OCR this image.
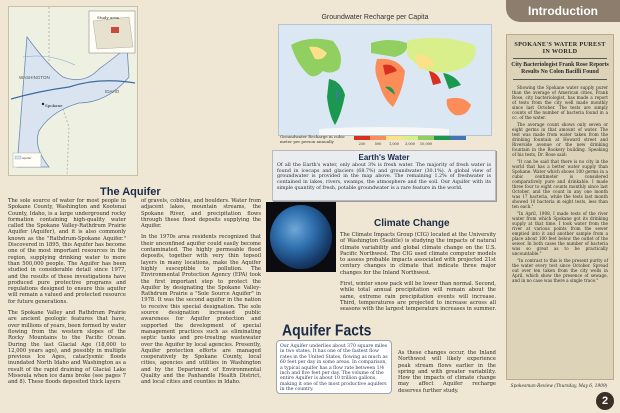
Study area
WASHINGTON
IDAHO
Spokane
Aquifer
The Aquifer

The sole source of water for most people in Spokane County, Washington and Kootenai County, Idaho, is a large underground rocky formation containing high-quality water called the Spokane Valley-Rathdrum Prairie Aquifer (Aquifer), and it is also commonly known as the "Rathdrum-Spokane Aquifer." Discovered in 1895, this Aquifer has become one of the most important resources in the region, supplying drinking water to more than 500,000 people. The Aquifer has been studied in considerable detail since 1977, and the results of these investigations have produced pure protective programs and regulations designed to ensure this aquifer will remain a valued and protected resource for future generations.

The Spokane Valley and Rathdrum Prairie are ancient geologic features that have, over millions of years, been formed by water flowing from the western slopes of the Rocky Mountains to the Pacific Ocean. During the last Glacial Age (18,000 to 12,000 years ago), and possibly in multiple previous Ice Ages, cataclysmic floods inundated North Idaho and Washington as a result of the rapid draining of Glacial Lake Missoula when ice dams broke (see pages 7 and 8). These floods deposited thick layers

of gravels, cobbles, and boulders. Water from adjacent lakes, mountain streams, the Spokane River, and precipitation flows through these flood deposits supplying the Aquifer.

In the 1970s area residents recognized that their unconfined aquifer could easily become contaminated. The highly permeable flood deposits, together with very thin topsoil layers in many locations, make the Aquifer highly susceptible to pollution. The Environmental Protection Agency (EPA) took the first important step to protect the Aquifer by designating the Spokane Valley-Rathdrum Prairie a "Sole Source Aquifer" in 1978. It was the second aquifer in the nation to receive this special designation. The sole source designation increased public awareness for Aquifer protection and supported the development of special management practices such as eliminating septic tanks and pre-treating wastewater over the Aquifer by local agencies. Presently, Aquifer protection efforts are managed cooperatively by Spokane County, local cities, agencies and utilities in Washington and by the Department of Environmental Quality and the Panhandle Health District, and local cities and counties in Idaho.

Groundwater Recharge per Capita
Groundwater Recharge in cubic meter per person annually	250	500	1,000	3,000	10,000
Earth's Water
Of all the Earth's water, only about 3% is fresh water. The majority of fresh water is found in icecaps and glaciers (68.7%) and groundwater (30.1%). A global view of groundwater is provided in the map above. The remaining 1.2% of freshwater is contained in lakes, rivers, swamps, the atmosphere and the soil. Our Aquifer with its simple quantity of fresh, potable groundwater is a rare feature in the world.
Climate Change

The Climate Impacts Group (CIG) located at the University of Washington (Seattle) is studying the impacts of natural climate variability and global climate change on the U.S. Pacific Northwest. The CIG used climate computer models to assess probable impacts associated with projected 21st century changes in climate that indicate three major changes for the Inland Northwest.

First, winter snow pack will be lower than normal. Second, while total annual precipitation will remain about the same, extreme rain precipitation events will increase. Third, temperatures are projected to increase across all seasons with the largest temperature increases in summer.

As these changes occur, the Inland Northwest will likely experience peak stream flows earlier in the spring and with greater variability. How the impacts of climate change may affect Aquifer recharge deserves further study.

Aquifer Facts
Our Aquifer underlies about 370 square miles in two states. It has one of the fastest flow rates in the United States, flowing as much as 60 feet per day in some areas. In comparison, a typical aquifer has a flow rate between 1/4 inch and five feet per day. The volume of the entire Aquifer is about 10 trillion gallons, making it one of the most productive aquifers in the country.
Introduction
SPOKANE'S WATER PUREST IN WORLD
City Bacteriologist Frank Rose Reports Results No Colon Bacilli Found

Showing the Spokane water supply purer than the average of American cities, Frank Rose, city bacteriologist, has made a report of tests from the city well made monthly since last October. The tests are simply counts of the number of bacteria found in a cc. of the water.

The average count shows only seven or eight germs in that amount of water. The test was made from water taken from the drinking fountain at Howard street and Riverside avenue or the new drinking fountain in the Rookery building. Speaking of his tests, Dr. Rose said:

"It can be said that there is no city in the world that has a better water supply than Spokane. Water which shows 100 germs in a cubic centimeter is considered comparatively pure and drinkable. I made three four to eight counts monthly since last October, and the count in any one month was 17 bacteria, while the tests last month showed 10 bacteria in eight tests, less than ten each."

"In April, 1908, I made tests of the river water from which Spokane got its drinking supply at that time. I took water from the river at various points from the sewer emptied into it and another sample from a place about 100 feet below the outlet of the sewer. In both cases the number of bacteria was so great as to be practically uncountable."

"In contrast to this is the present purity of the water every test since October. Spread out over ten taken from the city wells in April, which show the presence of sewage, and in no case was there a single trace."

Spokesman-Review (Thursday, May 6, 1909)
2
